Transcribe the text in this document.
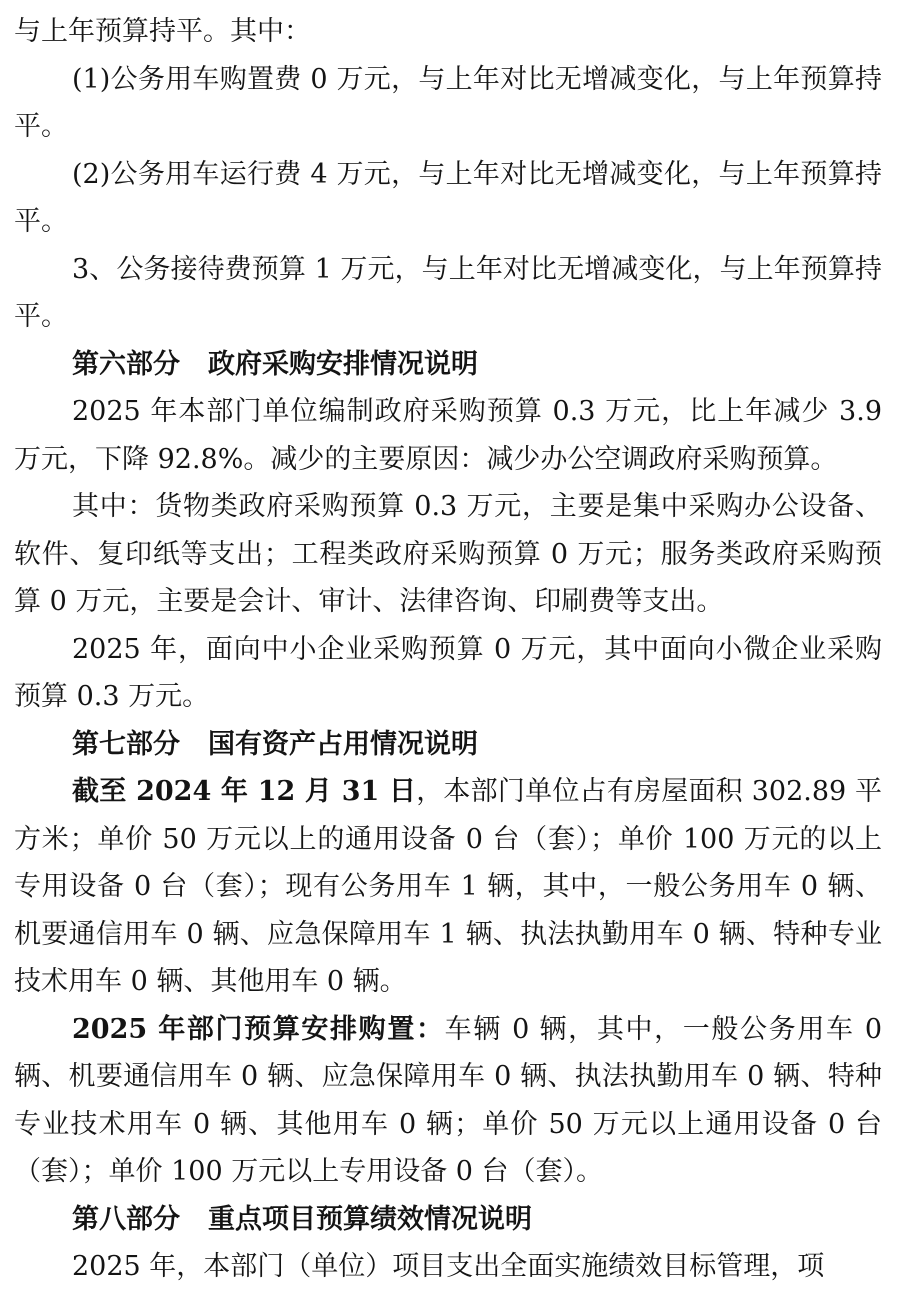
与上年预算持平。其中：

(1)公务用车购置费 0 万元，与上年对比无增减变化，与上年预算持平。

(2)公务用车运行费 4 万元，与上年对比无增减变化，与上年预算持平。

3、公务接待费预算 1 万元，与上年对比无增减变化，与上年预算持平。

第六部分 政府采购安排情况说明

2025 年本部门单位编制政府采购预算 0.3 万元，比上年减少 3.9 万元，下降 92.8%。减少的主要原因：减少办公空调政府采购预算。

其中：货物类政府采购预算 0.3 万元，主要是集中采购办公设备、软件、复印纸等支出；工程类政府采购预算 0 万元；服务类政府采购预算 0 万元，主要是会计、审计、法律咨询、印刷费等支出。

2025 年，面向中小企业采购预算 0 万元，其中面向小微企业采购预算 0.3 万元。

第七部分 国有资产占用情况说明

截至 2024 年 12 月 31 日，本部门单位占有房屋面积 302.89 平方米；单价 50 万元以上的通用设备 0 台（套）；单价 100 万元的以上专用设备 0 台（套）；现有公务用车 1 辆，其中，一般公务用车 0 辆、机要通信用车 0 辆、应急保障用车 1 辆、执法执勤用车 0 辆、特种专业技术用车 0 辆、其他用车 0 辆。

2025 年部门预算安排购置：车辆 0 辆，其中，一般公务用车 0 辆、机要通信用车 0 辆、应急保障用车 0 辆、执法执勤用车 0 辆、特种专业技术用车 0 辆、其他用车 0 辆；单价 50 万元以上通用设备 0 台（套）；单价 100 万元以上专用设备 0 台（套）。

第八部分 重点项目预算绩效情况说明

2025 年，本部门（单位）项目支出全面实施绩效目标管理，项
